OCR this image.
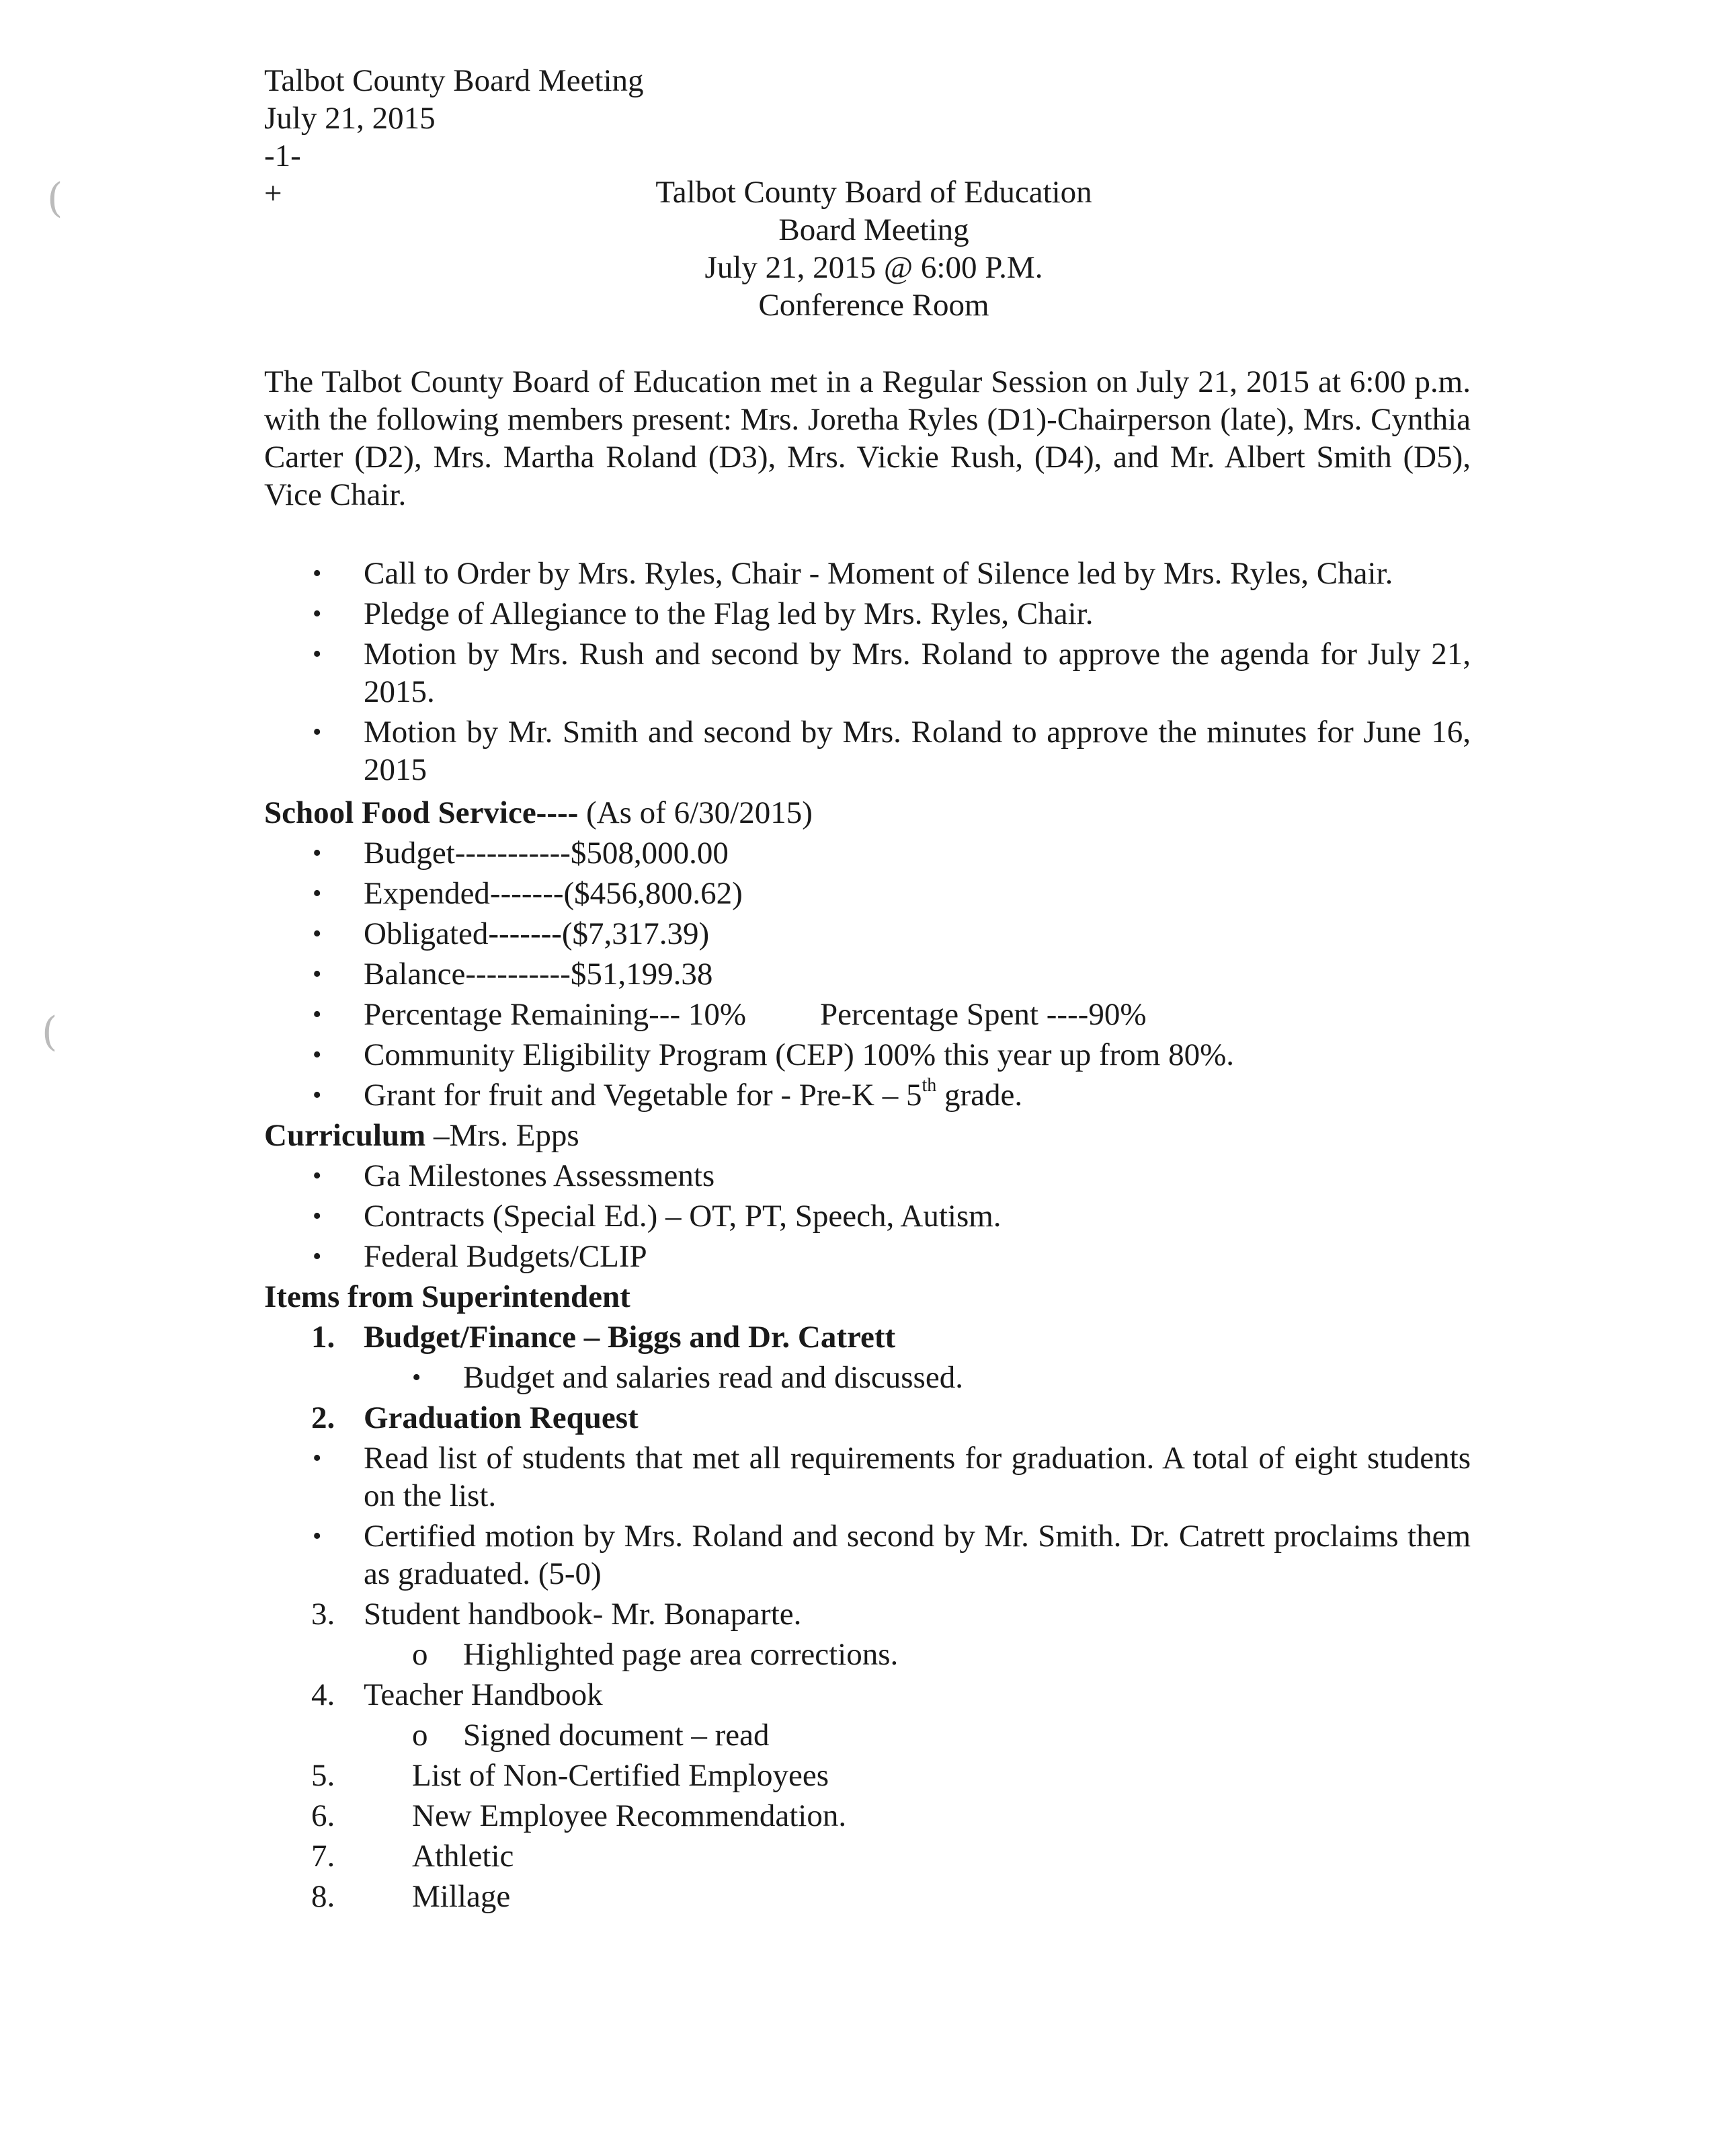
(
(
Talbot County Board Meeting
July 21, 2015
-1-
+	Talbot County Board of Education
Board Meeting
July 21, 2015 @ 6:00 P.M.
Conference Room

The Talbot County Board of Education met in a Regular Session on July 21, 2015 at 6:00 p.m. with the following members present: Mrs. Joretha Ryles (D1)-Chairperson (late), Mrs. Cynthia Carter (D2), Mrs. Martha Roland (D3), Mrs. Vickie Rush, (D4), and Mr. Albert Smith (D5), Vice Chair.

• Call to Order by Mrs. Ryles, Chair - Moment of Silence led by Mrs. Ryles, Chair.
• Pledge of Allegiance to the Flag led by Mrs. Ryles, Chair.
• Motion by Mrs. Rush and second by Mrs. Roland to approve the agenda for July 21, 2015.
• Motion by Mr. Smith and second by Mrs. Roland to approve the minutes for June 16, 2015
School Food Service---- (As of 6/30/2015)
• Budget-----------$508,000.00
• Expended-------($456,800.62)
• Obligated-------($7,317.39)
• Balance----------$51,199.38
• Percentage Remaining--- 10% Percentage Spent ----90%
• Community Eligibility Program (CEP) 100% this year up from 80%.
• Grant for fruit and Vegetable for - Pre-K – 5th grade.
Curriculum –Mrs. Epps
• Ga Milestones Assessments
• Contracts (Special Ed.) – OT, PT, Speech, Autism.
• Federal Budgets/CLIP
Items from Superintendent
1. Budget/Finance – Biggs and Dr. Catrett
• Budget and salaries read and discussed.
2. Graduation Request
• Read list of students that met all requirements for graduation. A total of eight students on the list.
• Certified motion by Mrs. Roland and second by Mr. Smith. Dr. Catrett proclaims them as graduated. (5-0)
3. Student handbook- Mr. Bonaparte.
o Highlighted page area corrections.
4. Teacher Handbook
o Signed document – read
5. List of Non-Certified Employees
6. New Employee Recommendation.
7. Athletic
8. Millage
